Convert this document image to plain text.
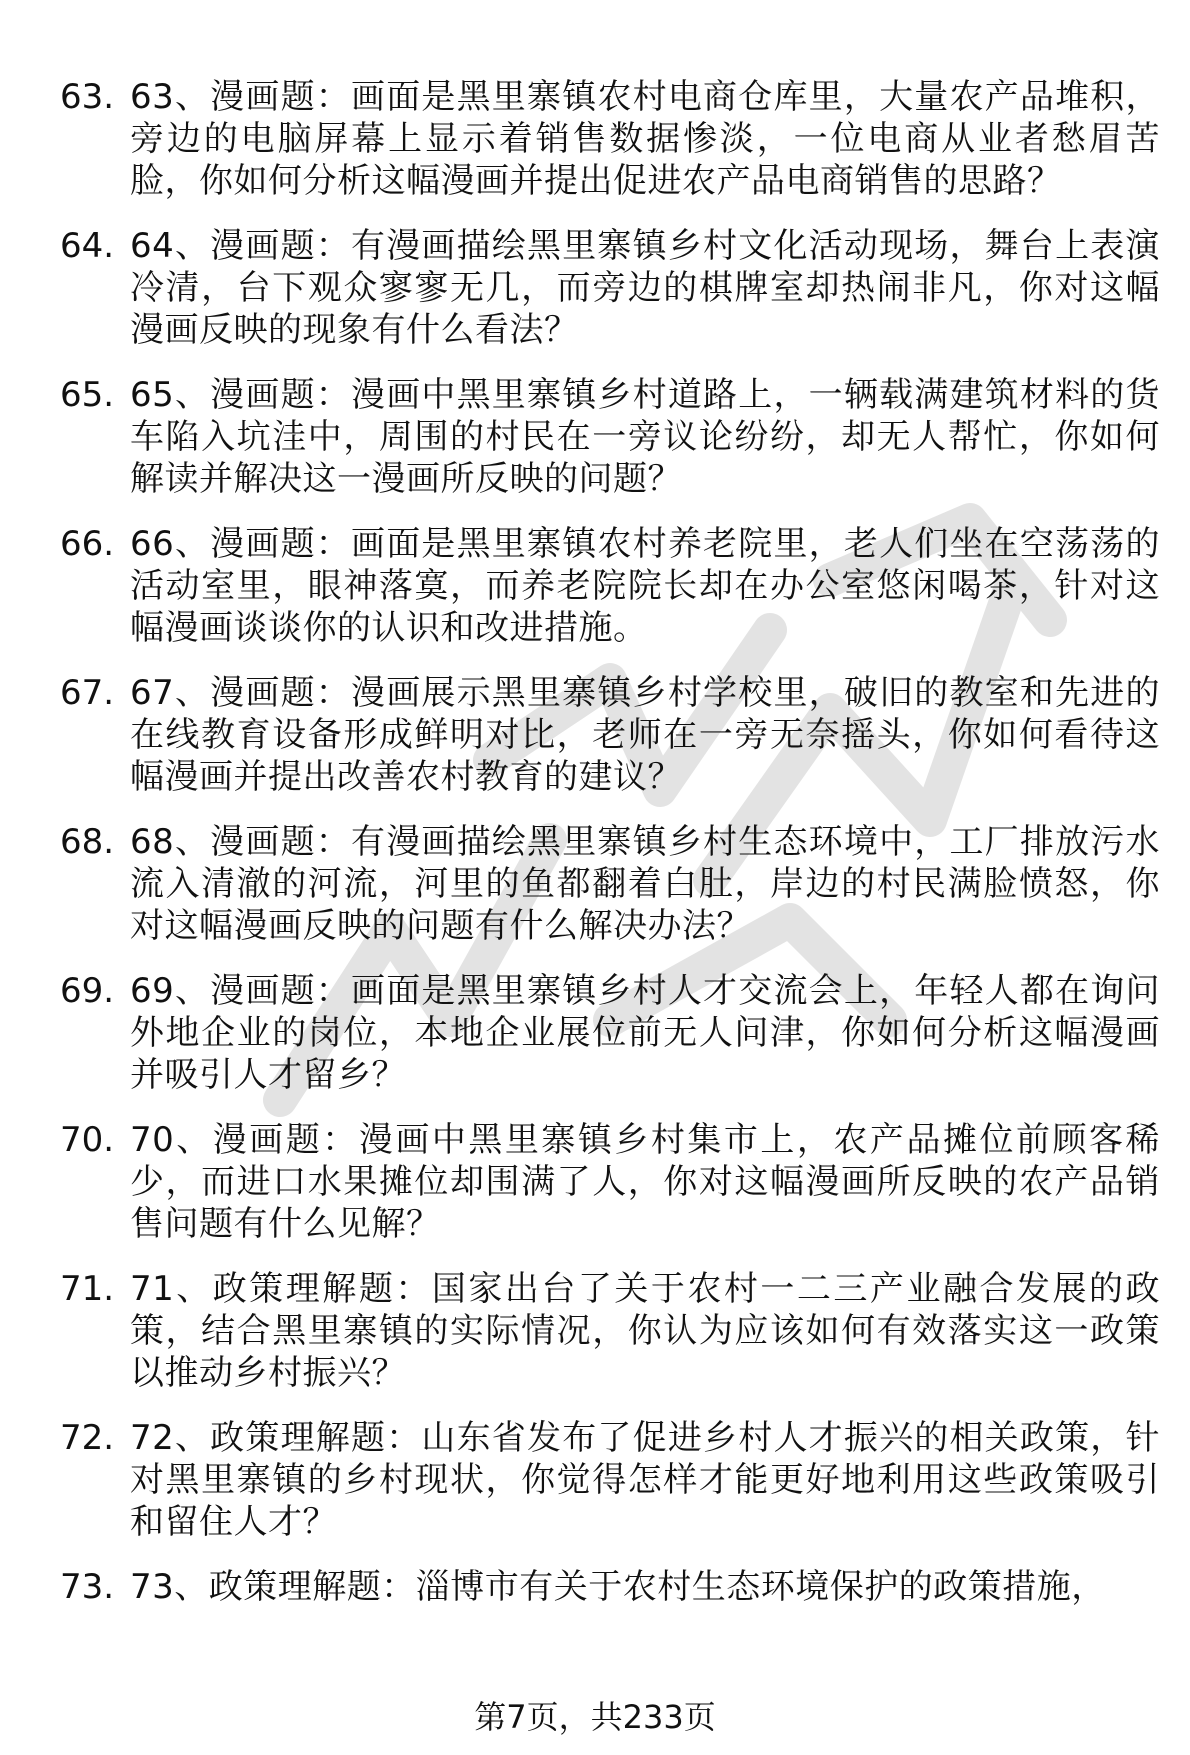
63. 63、漫画题：画面是黑里寨镇农村电商仓库里，大量农产品堆积，旁边的电脑屏幕上显示着销售数据惨淡，一位电商从业者愁眉苦脸，你如何分析这幅漫画并提出促进农产品电商销售的思路？
64. 64、漫画题：有漫画描绘黑里寨镇乡村文化活动现场，舞台上表演冷清，台下观众寥寥无几，而旁边的棋牌室却热闹非凡，你对这幅漫画反映的现象有什么看法？
65. 65、漫画题：漫画中黑里寨镇乡村道路上，一辆载满建筑材料的货车陷入坑洼中，周围的村民在一旁议论纷纷，却无人帮忙，你如何解读并解决这一漫画所反映的问题？
66. 66、漫画题：画面是黑里寨镇农村养老院里，老人们坐在空荡荡的活动室里，眼神落寞，而养老院院长却在办公室悠闲喝茶，针对这幅漫画谈谈你的认识和改进措施。
67. 67、漫画题：漫画展示黑里寨镇乡村学校里，破旧的教室和先进的在线教育设备形成鲜明对比，老师在一旁无奈摇头，你如何看待这幅漫画并提出改善农村教育的建议？
68. 68、漫画题：有漫画描绘黑里寨镇乡村生态环境中，工厂排放污水流入清澈的河流，河里的鱼都翻着白肚，岸边的村民满脸愤怒，你对这幅漫画反映的问题有什么解决办法？
69. 69、漫画题：画面是黑里寨镇乡村人才交流会上，年轻人都在询问外地企业的岗位，本地企业展位前无人问津，你如何分析这幅漫画并吸引人才留乡？
70. 70、漫画题：漫画中黑里寨镇乡村集市上，农产品摊位前顾客稀少，而进口水果摊位却围满了人，你对这幅漫画所反映的农产品销售问题有什么见解？
71. 71、政策理解题：国家出台了关于农村一二三产业融合发展的政策，结合黑里寨镇的实际情况，你认为应该如何有效落实这一政策以推动乡村振兴？
72. 72、政策理解题：山东省发布了促进乡村人才振兴的相关政策，针对黑里寨镇的乡村现状，你觉得怎样才能更好地利用这些政策吸引和留住人才？
73. 73、政策理解题：淄博市有关于农村生态环境保护的政策措施，
第7页，共233页
